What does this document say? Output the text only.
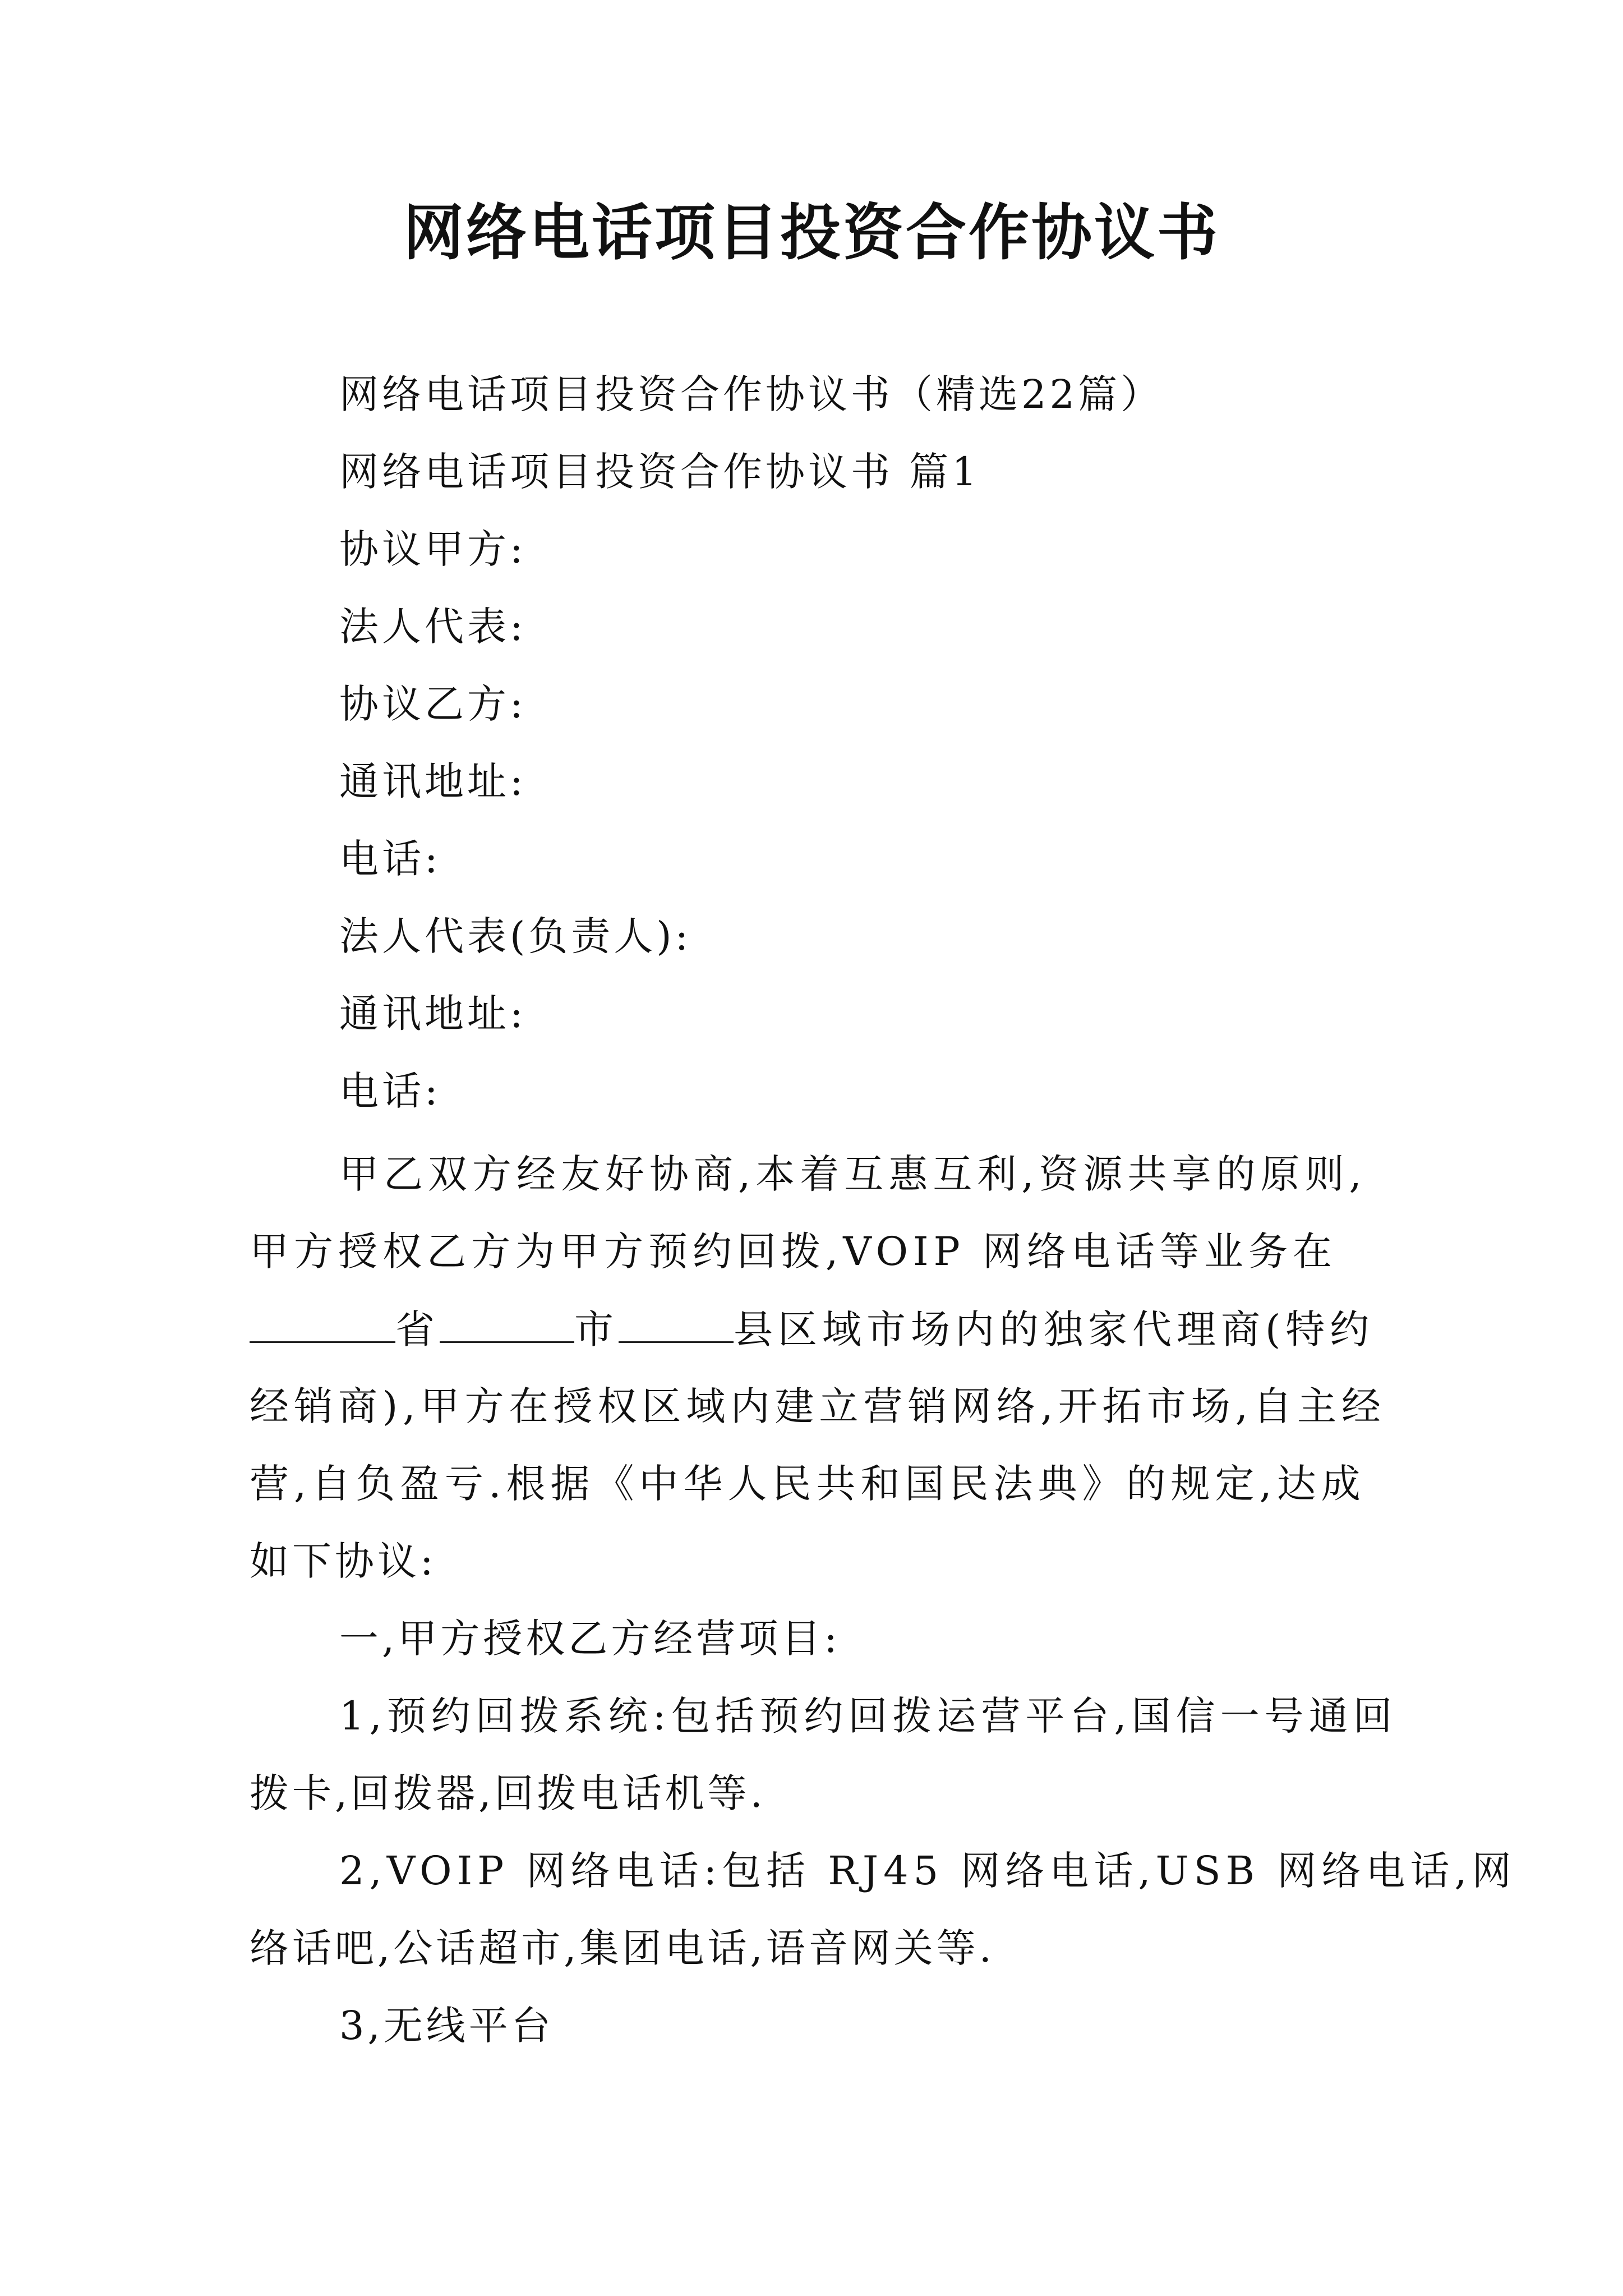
网络电话项目投资合作协议书
网络电话项目投资合作协议书（精选22篇）
网络电话项目投资合作协议书 篇1
协议甲方:
法人代表:
协议乙方:
通讯地址:
电话:
法人代表(负责人):
通讯地址:
电话:
甲乙双方经友好协商,本着互惠互利,资源共享的原则,
甲方授权乙方为甲方预约回拨,VOIP 网络电话等业务在
省	市	县区域市场内的独家代理商(特约
经销商),甲方在授权区域内建立营销网络,开拓市场,自主经
营,自负盈亏.根据《中华人民共和国民法典》的规定,达成
如下协议:
一,甲方授权乙方经营项目:
1,预约回拨系统:包括预约回拨运营平台,国信一号通回
拨卡,回拨器,回拨电话机等.
2,VOIP 网络电话:包括 RJ45 网络电话,USB 网络电话,网
络话吧,公话超市,集团电话,语音网关等.
3,无线平台
